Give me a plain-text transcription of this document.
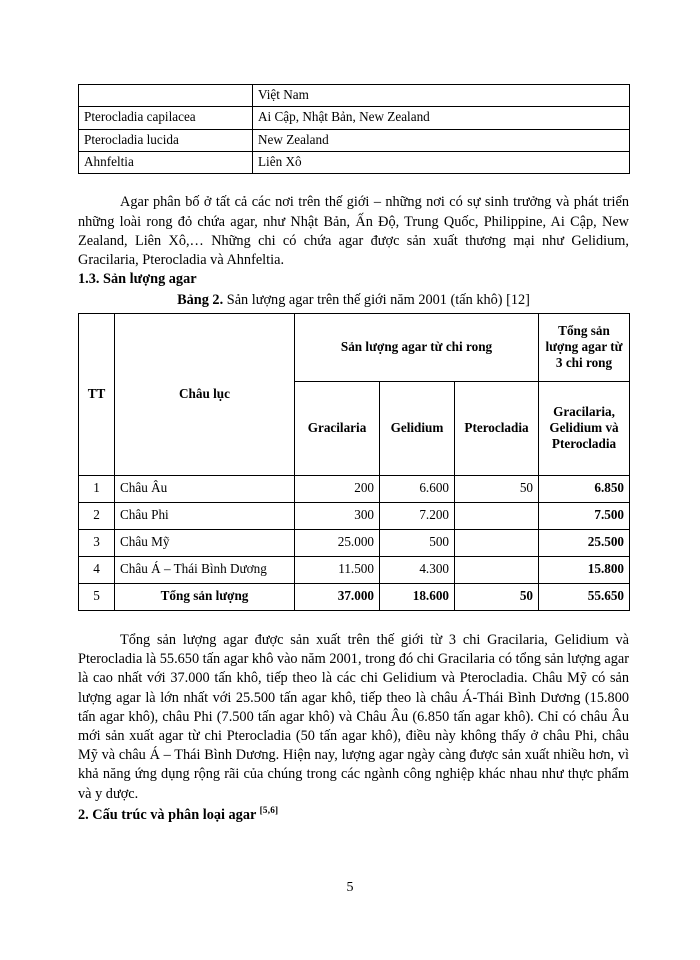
	Việt Nam
Pterocladia capilacea	Ai Cập, Nhật Bản, New Zealand
Pterocladia lucida	New Zealand
Ahnfeltia	Liên Xô

Agar phân bố ở tất cả các nơi trên thế giới – những nơi có sự sinh trưởng và phát triển những loài rong đỏ chứa agar, như Nhật Bản, Ấn Độ, Trung Quốc, Philippine, Ai Cập, New Zealand, Liên Xô,… Những chi có chứa agar được sản xuất thương mại như Gelidium, Gracilaria, Pterocladia và Ahnfeltia.

1.3. Sản lượng agar

Bảng 2. Sản lượng agar trên thế giới năm 2001 (tấn khô) [12]

TT	Châu lục	Sản lượng agar từ chi rong			Tổng sản lượng agar từ 3 chi rong
		Gracilaria	Gelidium	Pterocladia	Gracilaria, Gelidium và Pterocladia
1	Châu Âu	200	6.600	50	6.850
2	Châu Phi	300	7.200		7.500
3	Châu Mỹ	25.000	500		25.500
4	Châu Á – Thái Bình Dương	11.500	4.300		15.800
5	Tổng sản lượng	37.000	18.600	50	55.650

Tổng sản lượng agar được sản xuất trên thế giới từ 3 chi Gracilaria, Gelidium và Pterocladia là 55.650 tấn agar khô vào năm 2001, trong đó chi Gracilaria có tổng sản lượng agar là cao nhất với 37.000 tấn khô, tiếp theo là các chi Gelidium và Pterocladia. Châu Mỹ có sản lượng agar là lớn nhất với 25.500 tấn agar khô, tiếp theo là châu Á-Thái Bình Dương (15.800 tấn agar khô), châu Phi (7.500 tấn agar khô) và Châu Âu (6.850 tấn agar khô). Chỉ có châu Âu mới sản xuất agar từ chi Pterocladia (50 tấn agar khô), điều này không thấy ở châu Phi, châu Mỹ và châu Á – Thái Bình Dương. Hiện nay, lượng agar ngày càng được sản xuất nhiều hơn, vì khả năng ứng dụng rộng rãi của chúng trong các ngành công nghiệp khác nhau như thực phẩm và y dược.

2. Cấu trúc và phân loại agar [5,6]
5
